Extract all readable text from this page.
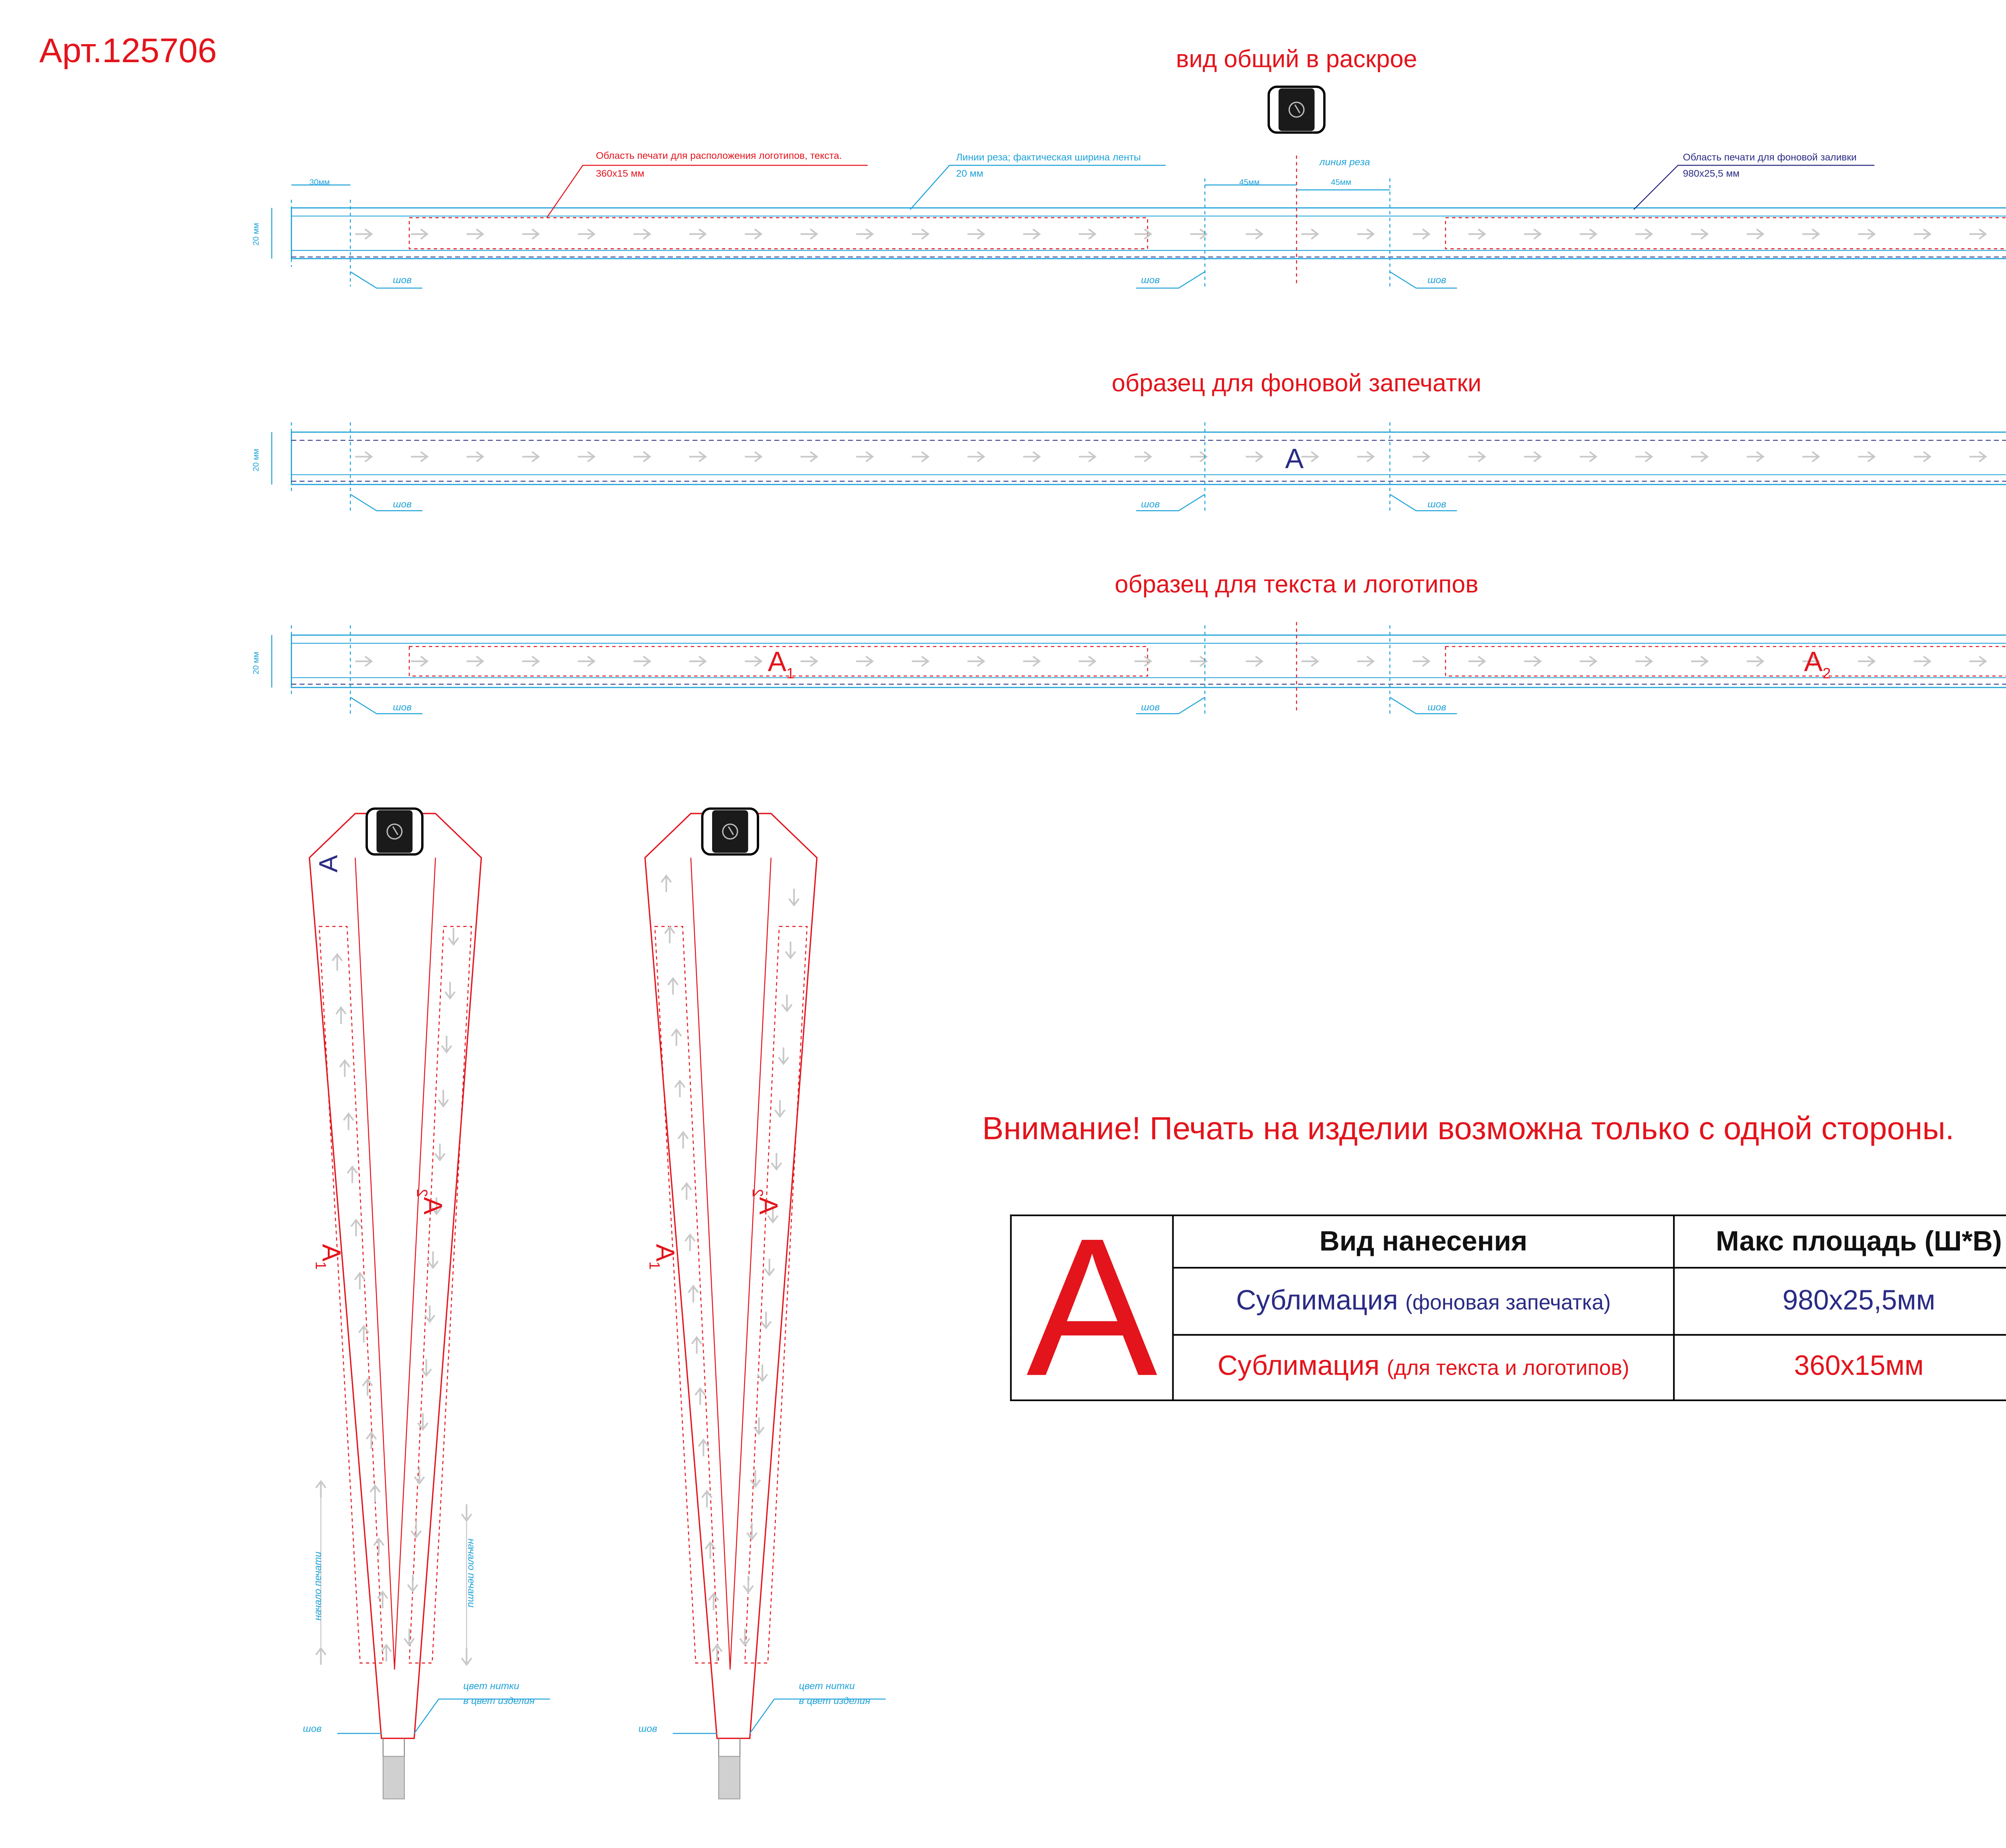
Арт.125706	вид общий в раскрое
образец для фоновой запечатки
образец для текста и логотипов
Область печати для расположения логотипов, текста.
360х15 мм
Линии реза; фактическая ширина ленты
20 мм
линия реза	Область печати для фоновой заливки
980х25,5 мм
30мм	45мм	45мм
20 мм
шов	шов	шов
20 мм	A
шов	шов	шов
20 мм	$A_1$	$A_2$
шов	шов	шов
A
$A_1$
$A_2$
начало печати	начало печати
шов
цвет нитки
в цвет изделия
$A_1$
$A_2$
шов
цвет нитки
в цвет изделия
Внимание! Печать на изделии возможна только с одной стороны.
A	Вид нанесения	Макс площадь (Ш*В)
	Сублимация (фоновая запечатка)	980х25,5мм
	Сублимация (для текста и логотипов)	360х15мм
